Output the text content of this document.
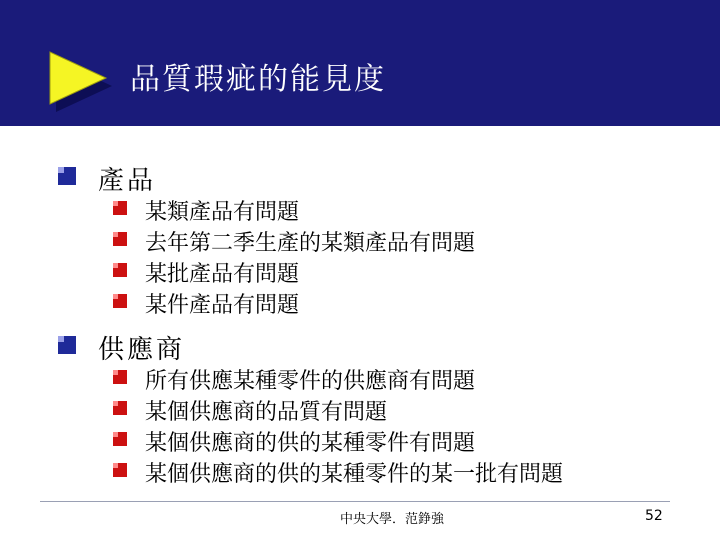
品質瑕疵的能見度
產品
某類產品有問題
去年第二季生產的某類產品有問題
某批產品有問題
某件產品有問題
供應商
所有供應某種零件的供應商有問題
某個供應商的品質有問題
某個供應商的供的某種零件有問題
某個供應商的供的某種零件的某一批有問題
中央大學．范錚強	52
